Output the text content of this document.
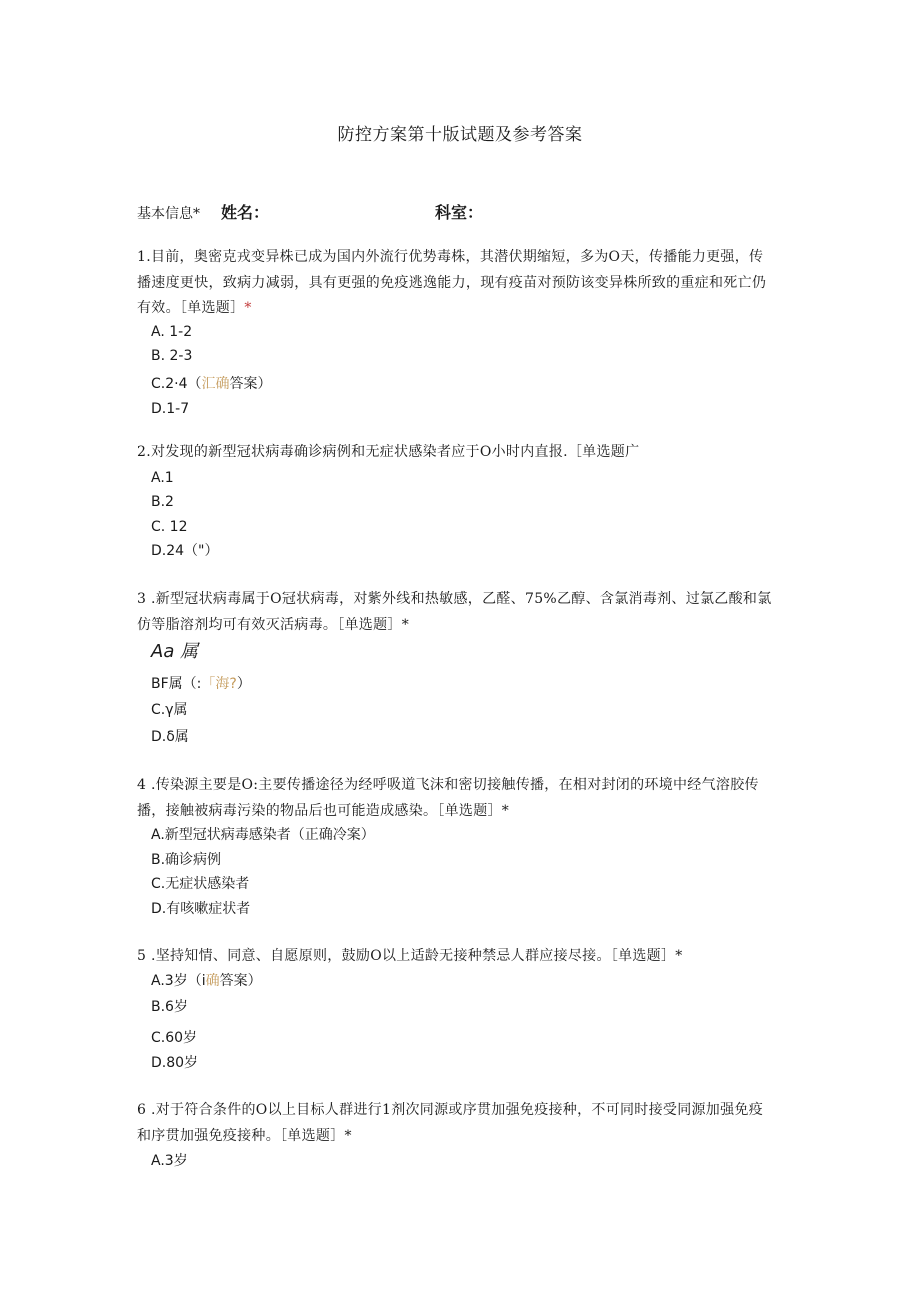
防控方案第十版试题及参考答案
基本信息* 姓名：	科室：
1.目前，奥密克戎变异株已成为国内外流行优势毒株，其潜伏期缩短，多为O天，传播能力更强，传播速度更快，致病力减弱，具有更强的免疫逃逸能力，现有疫苗对预防该变异株所致的重症和死亡仍有效。［单选题］*
A. 1-2
B. 2-3
C.2·4（汇确答案）
D.1-7
2.对发现的新型冠状病毒确诊病例和无症状感染者应于O小时内直报.［单选题广
A.1
B.2
C. 12
D.24（"）
3 .新型冠状病毒属于O冠状病毒，对紫外线和热敏感，乙醛、75%乙醇、含氯消毒剂、过氯乙酸和氯仿等脂溶剂均可有效灭活病毒。［单选题］*
Aa 属
BF属（:「海?）
C.γ属
D.δ属
4 .传染源主要是O:主要传播途径为经呼吸道飞沫和密切接触传播，在相对封闭的环境中经气溶胶传播，接触被病毒污染的物品后也可能造成感染。［单选题］*
A.新型冠状病毒感染者（正确冷案）
B.确诊病例
C.无症状感染者
D.有咳嗽症状者
5 .坚持知情、同意、自愿原则，鼓励O以上适龄无接种禁忌人群应接尽接。［单选题］*
A.3岁（i确答案）
B.6岁
C.60岁
D.80岁
6 .对于符合条件的O以上目标人群进行1剂次同源或序贯加强免疫接种，不可同时接受同源加强免疫和序贯加强免疫接种。［单选题］*
A.3岁
